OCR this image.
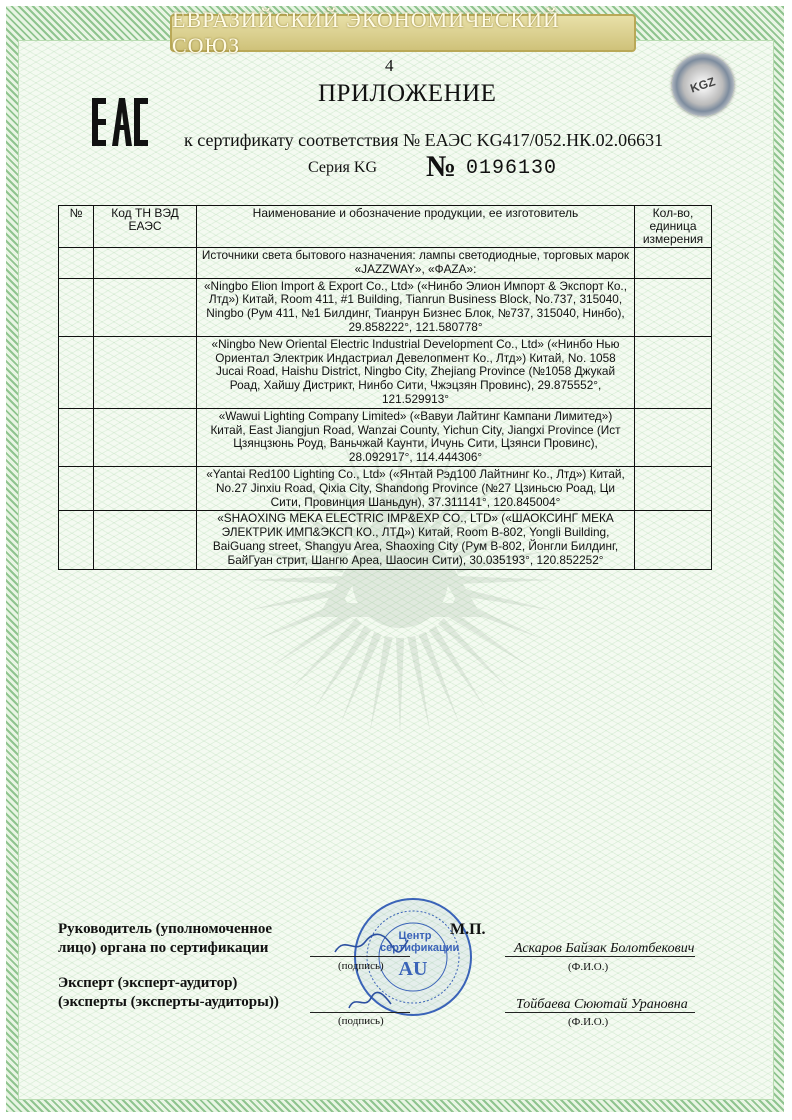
ЕВРАЗИЙСКИЙ ЭКОНОМИЧЕСКИЙ СОЮЗ
4
ПРИЛОЖЕНИЕ	KGZ
к сертификату соответствия № ЕАЭС KG417/052.НК.02.06631
Серия KG № 0196130
№	Код ТН ВЭД ЕАЭС	Наименование и обозначение продукции, ее изготовитель	Кол-во, единица измерения
		Источники света бытового назначения: лампы светодиодные, торговых марок «JAZZWAY», «ФAZA»:	
		«Ningbo Elion Import & Export Co., Ltd» («Нинбо Элион Импорт & Экспорт Ко., Лтд») Китай, Room 411, #1 Building, Tianrun Business Block, No.737, 315040, Ningbo (Рум 411, №1 Билдинг, Тианрун Бизнес Блок, №737, 315040, Нинбо), 29.858222°, 121.580778°	
		«Ningbo New Oriental Electric Industrial Development Co., Ltd» («Нинбо Нью Ориентал Электрик Индастриал Девелопмент Ко., Лтд») Китай, No. 1058 Jucai Road, Haishu District, Ningbo City, Zhejiang Province (№1058 Джукай Роад, Хайшу Дистрикт, Нинбо Сити, Чжэцзян Провинс), 29.875552°, 121.529913°	
		«Wawui Lighting Company Limited» («Вавуи Лайтинг Кампани Лимитед») Китай, East Jiangjun Road, Wanzai County, Yichun City, Jiangxi Province (Ист Цзянцзюнь Роуд, Ваньчжай Каунти, Ичунь Сити, Цзянси Провинс), 28.092917°, 114.444306°	
		«Yantai Red100 Lighting Co., Ltd» («Янтай Рэд100 Лайтнинг Ко., Лтд») Китай, No.27 Jinxiu Road, Qixia City, Shandong Province (№27 Цзиньсю Роад, Ци Сити, Провинция Шаньдун), 37.311141°, 120.845004°	
		«SHAOXING MEKA ELECTRIC IMP&EXP CO., LTD» («ШАОКСИНГ МЕКА ЭЛЕКТРИК ИМП&ЭКСП КО., ЛТД») Китай, Room B-802, Yongli Building, BaiGuang street, Shangyu Area, Shaoxing City (Рум B-802, Йонгли Билдинг, БайГуан стрит, Шангю Ареа, Шаосин Сити), 30.035193°, 120.852252°	
Руководитель (уполномоченное лицо) органа по сертификации
Эксперт (эксперт-аудитор) (эксперты (эксперты-аудиторы))
Центр сертификации
AU
М.П.
(подпись)	(Ф.И.О.)
Аскаров Байзак Болотбекович
(подпись)	(Ф.И.О.)
Тойбаева Сюютай Урановна
